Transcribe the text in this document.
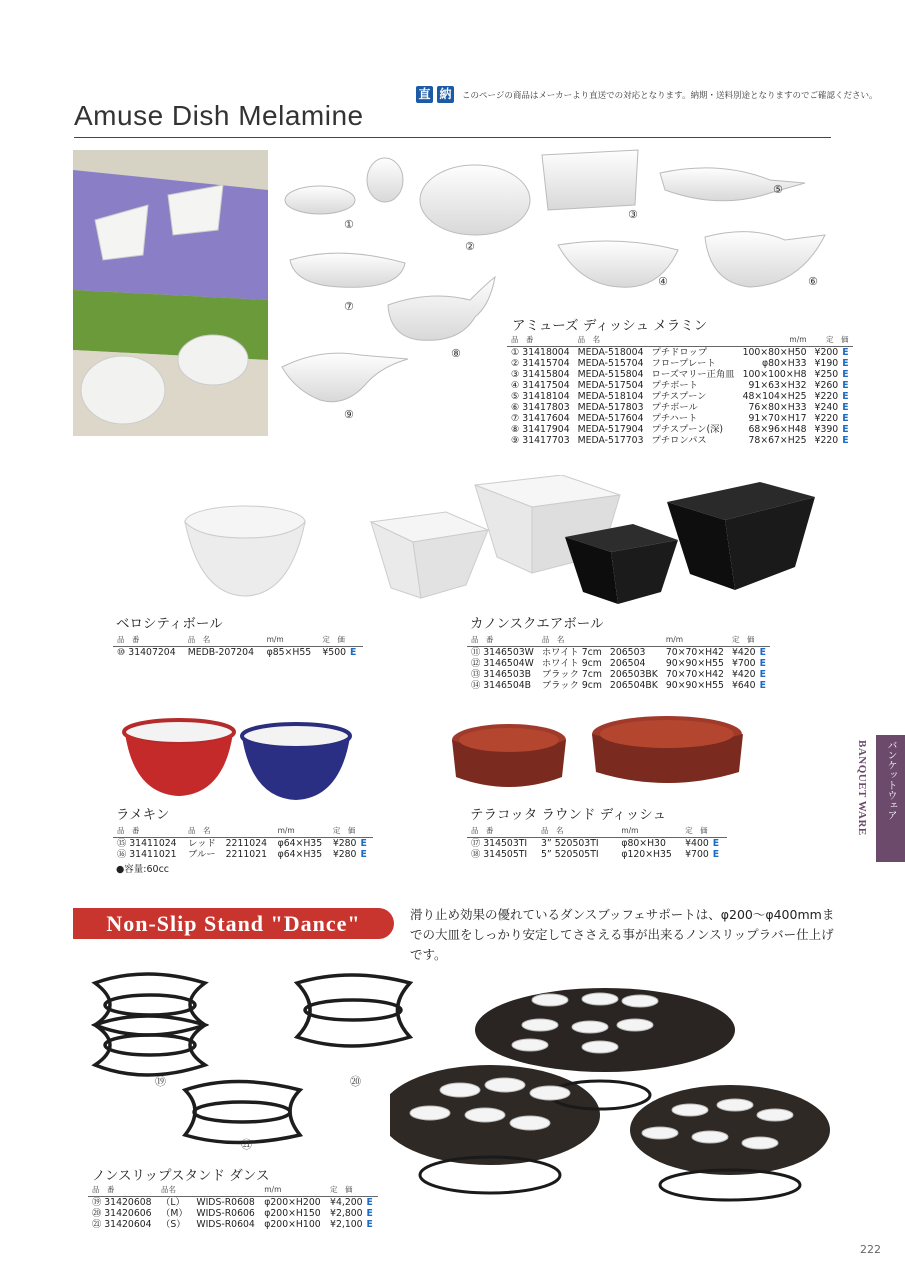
直 納 このページの商品はメーカーより直送での対応となります。納期・送料別途となりますのでご確認ください。
Amuse Dish Melamine
①
②
③
④
⑤
⑥
⑦
⑧
⑨
アミューズ ディッシュ メラミン
品　番	品　名		m/m	定　価
① 31418004	MEDA-518004	プチドロップ	100×80×H50	¥200 E
② 31415704	MEDA-515704	フロープレート	φ80×H33	¥190 E
③ 31415804	MEDA-515804	ローズマリー正角皿	100×100×H8	¥250 E
④ 31417504	MEDA-517504	プチボート	91×63×H32	¥260 E
⑤ 31418104	MEDA-518104	プチスプーン	48×104×H25	¥220 E
⑥ 31417803	MEDA-517803	プチボール	76×80×H33	¥240 E
⑦ 31417604	MEDA-517604	プチハート	91×70×H17	¥220 E
⑧ 31417904	MEDA-517904	プチスプーン(深)	68×96×H48	¥390 E
⑨ 31417703	MEDA-517703	プチロンパス	78×67×H25	¥220 E
ベロシティボール
品　番	品　名	m/m	定　価
⑩ 31407204	MEDB-207204	φ85×H55	¥500 E
カノンスクエアボール
品　番	品　名		m/m	定　価
⑪ 3146503W	ホワイト 7cm	206503	70×70×H42	¥420 E
⑫ 3146504W	ホワイト 9cm	206504	90×90×H55	¥700 E
⑬ 3146503B	ブラック 7cm	206503BK	70×70×H42	¥420 E
⑭ 3146504B	ブラック 9cm	206504BK	90×90×H55	¥640 E
ラメキン
品　番	品　名		m/m	定　価
⑮ 31411024	レッド	2211024	φ64×H35	¥280 E
⑯ 31411021	ブルー	2211021	φ64×H35	¥280 E
●容量:60cc
テラコッタ ラウンド ディッシュ
品　番	品　名		m/m	定　価
⑰ 314503TI	3” 520503TI		φ80×H30	¥400 E
⑱ 314505TI	5” 520505TI		φ120×H35	¥700 E
バンケットウェア
BANQUET WARE
Non-Slip Stand "Dance"	滑り止め効果の優れているダンスブッフェサポートは、φ200〜φ400mmまでの大皿をしっかり安定してささえる事が出来るノンスリップラバー仕上げです。
⑲	⑳
㉑
ノンスリップスタンド ダンス
品　番	品名		m/m	定　価
⑲ 31420608	（L）	WIDS-R0608	φ200×H200	¥4,200 E
⑳ 31420606	（M）	WIDS-R0606	φ200×H150	¥2,800 E
㉑ 31420604	（S）	WIDS-R0604	φ200×H100	¥2,100 E
222
